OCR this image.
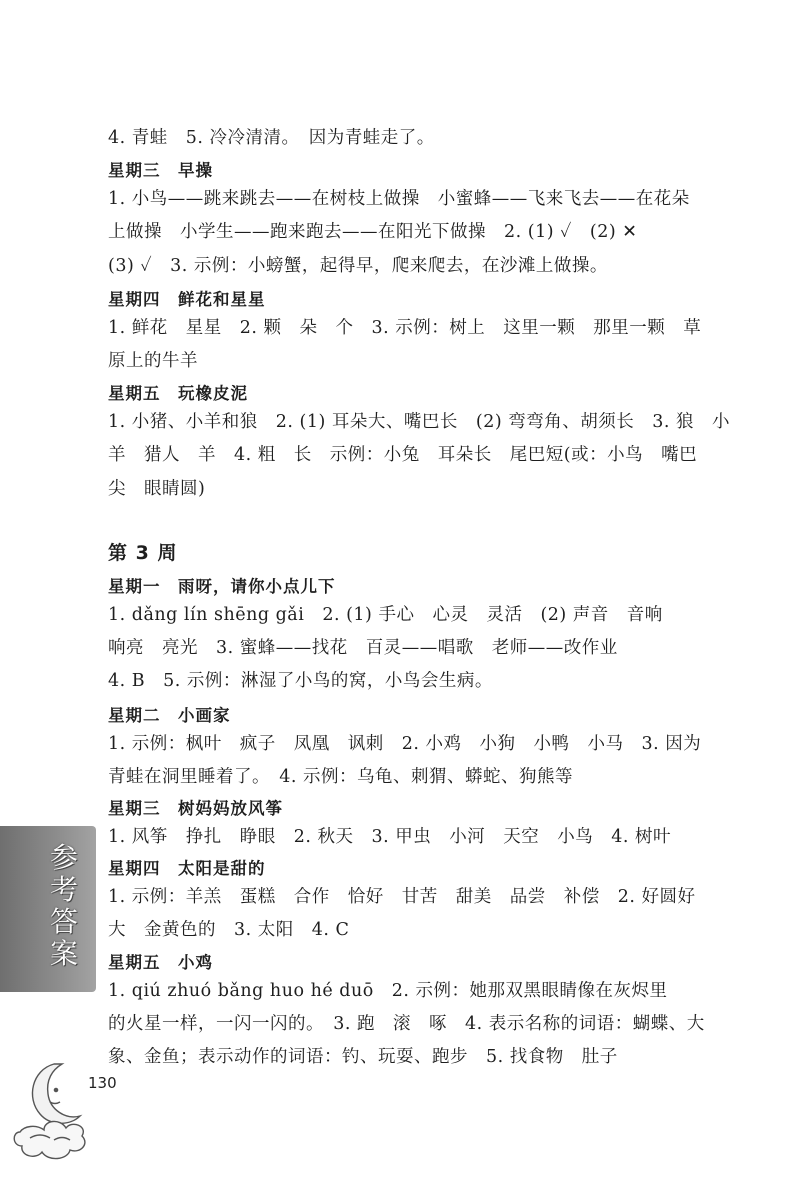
4. 青蛙　5. 冷冷清清。　因为青蛙走了。
星期三　早操
1. 小鸟——跳来跳去——在树枝上做操　小蜜蜂——飞来飞去——在花朵
上做操　小学生——跑来跑去——在阳光下做操　2. (1) ✓　(2) ✕
(3) ✓　3. 示例：小螃蟹，起得早，爬来爬去，在沙滩上做操。
星期四　鲜花和星星
1. 鲜花　星星　2. 颗　朵　个　3. 示例：树上　这里一颗　那里一颗　草
原上的牛羊
星期五　玩橡皮泥
1. 小猪、小羊和狼　2. (1) 耳朵大、嘴巴长　(2) 弯弯角、胡须长　3. 狼　小
羊　猎人　羊　4. 粗　长　示例：小兔　耳朵长　尾巴短(或：小鸟　嘴巴
尖　眼睛圆)
第 3 周
星期一　雨呀，请你小点儿下
1. dǎng lín shēng gǎi　2. (1) 手心　心灵　灵活　(2) 声音　音响
响亮　亮光　3. 蜜蜂——找花　百灵——唱歌　老师——改作业
4. B　5. 示例：淋湿了小鸟的窝，小鸟会生病。
星期二　小画家
1. 示例：枫叶　疯子　凤凰　讽刺　2. 小鸡　小狗　小鸭　小马　3. 因为
青蛙在洞里睡着了。　4. 示例：乌龟、刺猬、蟒蛇、狗熊等
星期三　树妈妈放风筝
1. 风筝　挣扎　睁眼　2. 秋天　3. 甲虫　小河　天空　小鸟　4. 树叶
星期四　太阳是甜的
1. 示例：羊羔　蛋糕　合作　恰好　甘苦　甜美　品尝　补偿　2. 好圆好
大　金黄色的　3. 太阳　4. C
星期五　小鸡
1. qiú zhuó bǎng huo hé duō　2. 示例：她那双黑眼睛像在灰烬里
的火星一样，一闪一闪的。　3. 跑　滚　啄　4. 表示名称的词语：蝴蝶、大
象、金鱼；表示动作的词语：钓、玩耍、跑步　5. 找食物　肚子
参考答案
130
